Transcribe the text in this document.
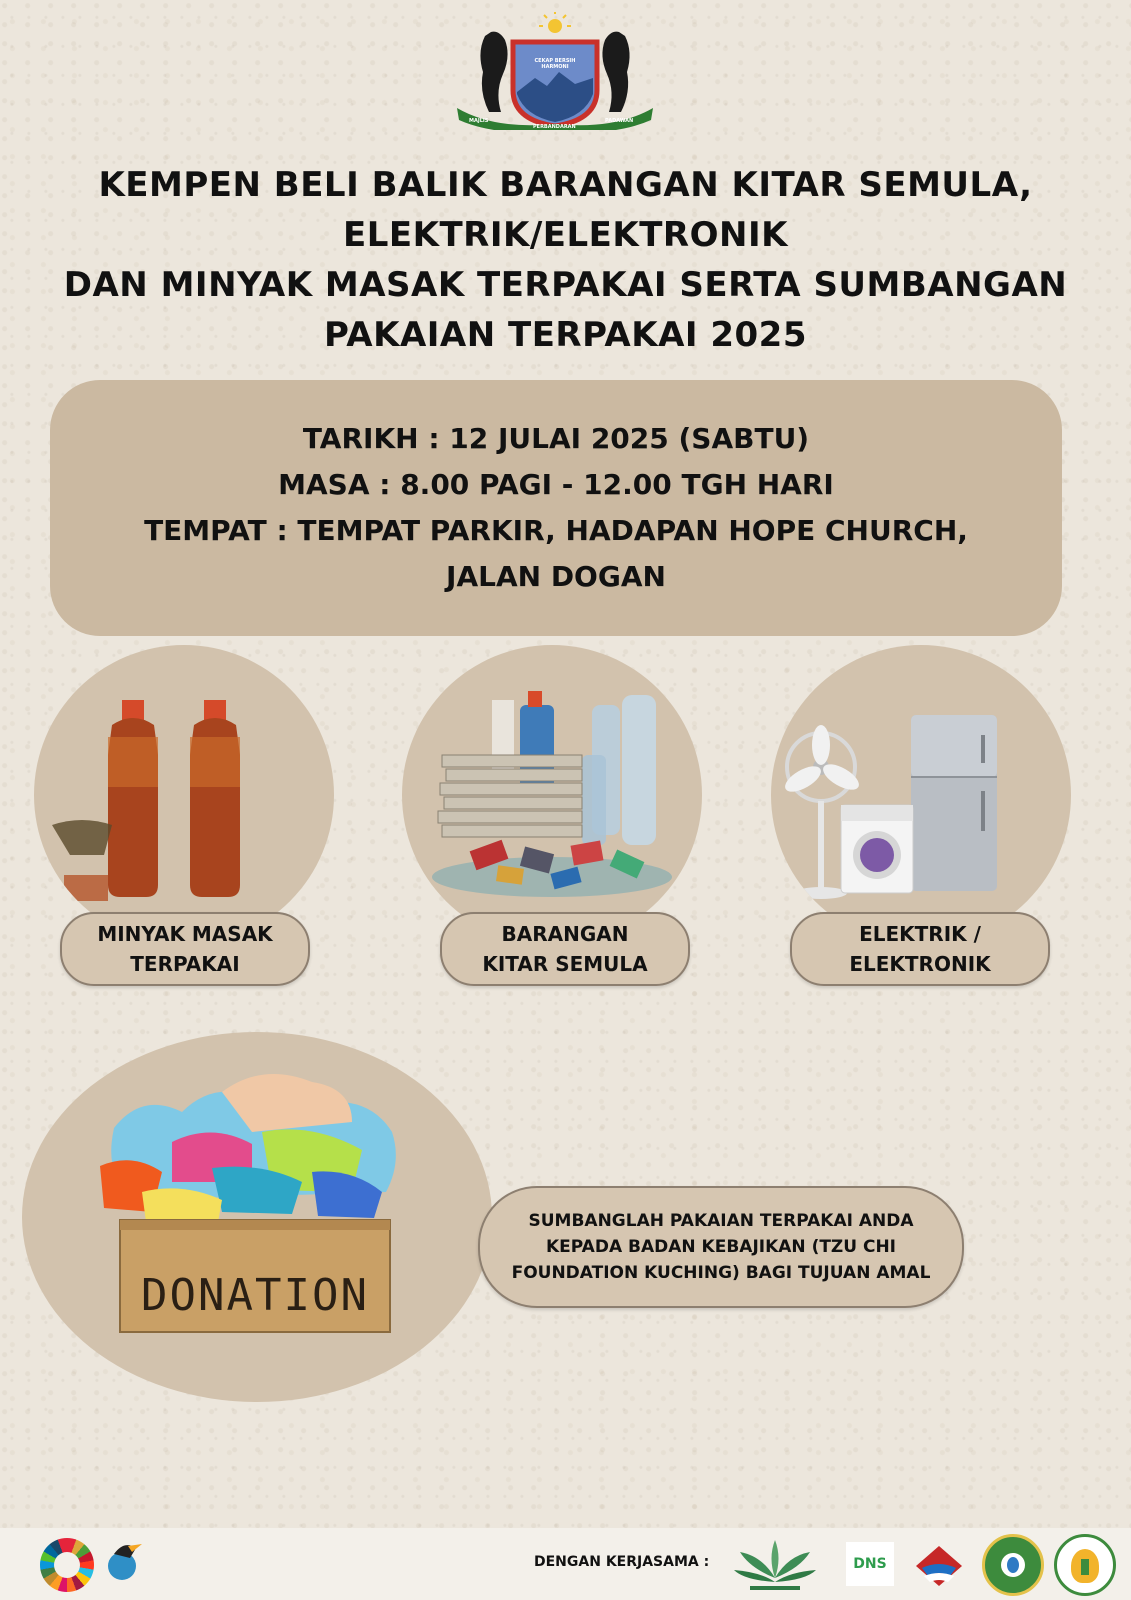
CEKAP BERSIH HARMONI
MAJLIS
PERBANDARAN
PADAWAN
KEMPEN BELI BALIK BARANGAN KITAR SEMULA,
ELEKTRIK/ELEKTRONIK
DAN MINYAK MASAK TERPAKAI SERTA SUMBANGAN
PAKAIAN TERPAKAI 2025
TARIKH : 12 JULAI 2025 (SABTU)
MASA : 8.00 PAGI - 12.00 TGH HARI
TEMPAT : TEMPAT PARKIR, HADAPAN HOPE CHURCH,
JALAN DOGAN
MINYAK MASAK
TERPAKAI
BARANGAN
KITAR SEMULA
ELEKTRIK /
ELEKTRONIK
DONATION
SUMBANGLAH PAKAIAN TERPAKAI ANDA
KEPADA BADAN KEBAJIKAN (TZU CHI
FOUNDATION KUCHING) BAGI TUJUAN AMAL
DENGAN KERJASAMA :	DNS
